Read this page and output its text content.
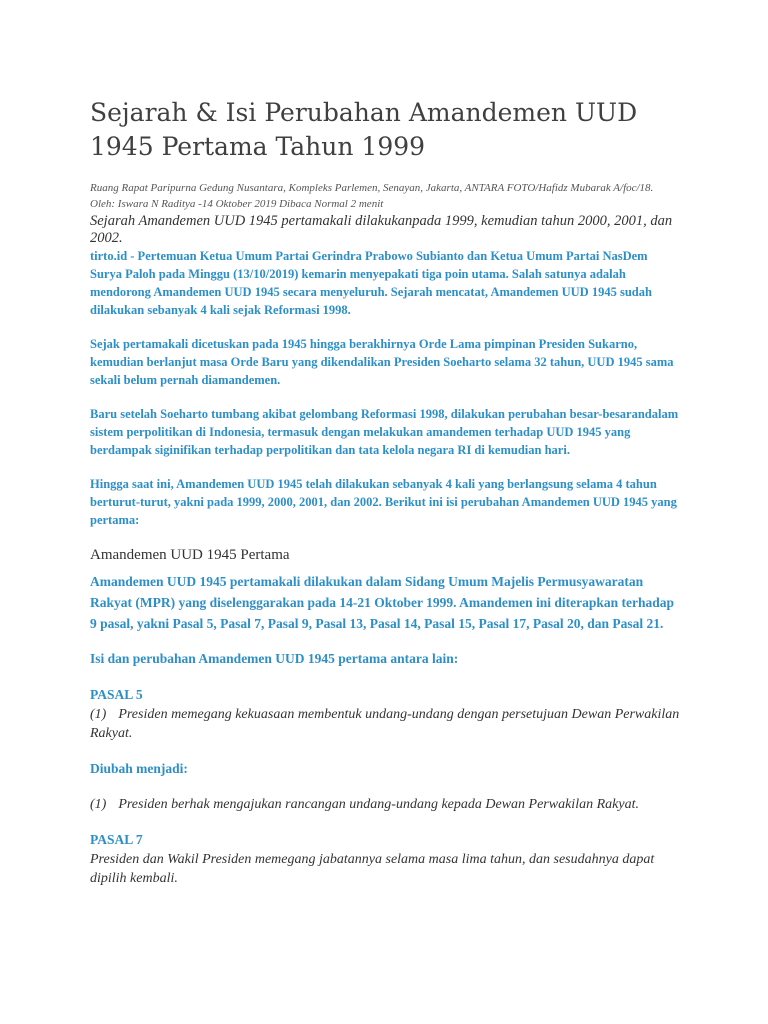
Sejarah & Isi Perubahan Amandemen UUD 1945 Pertama Tahun 1999

Ruang Rapat Paripurna Gedung Nusantara, Kompleks Parlemen, Senayan, Jakarta, ANTARA FOTO/Hafidz Mubarak A/foc/18.

Oleh: Iswara N Raditya -14 Oktober 2019 Dibaca Normal 2 menit

Sejarah Amandemen UUD 1945 pertamakali dilakukanpada 1999, kemudian tahun 2000, 2001, dan 2002.

tirto.id - Pertemuan Ketua Umum Partai Gerindra Prabowo Subianto dan Ketua Umum Partai NasDem Surya Paloh pada Minggu (13/10/2019) kemarin menyepakati tiga poin utama. Salah satunya adalah mendorong Amandemen UUD 1945 secara menyeluruh. Sejarah mencatat, Amandemen UUD 1945 sudah dilakukan sebanyak 4 kali sejak Reformasi 1998.

Sejak pertamakali dicetuskan pada 1945 hingga berakhirnya Orde Lama pimpinan Presiden Sukarno, kemudian berlanjut masa Orde Baru yang dikendalikan Presiden Soeharto selama 32 tahun, UUD 1945 sama sekali belum pernah diamandemen.

Baru setelah Soeharto tumbang akibat gelombang Reformasi 1998, dilakukan perubahan besar-besarandalam sistem perpolitikan di Indonesia, termasuk dengan melakukan amandemen terhadap UUD 1945 yang berdampak siginifikan terhadap perpolitikan dan tata kelola negara RI di kemudian hari.

Hingga saat ini, Amandemen UUD 1945 telah dilakukan sebanyak 4 kali yang berlangsung selama 4 tahun berturut-turut, yakni pada 1999, 2000, 2001, dan 2002. Berikut ini isi perubahan Amandemen UUD 1945 yang pertama:

Amandemen UUD 1945 Pertama

Amandemen UUD 1945 pertamakali dilakukan dalam Sidang Umum Majelis Permusyawaratan Rakyat (MPR) yang diselenggarakan pada 14-21 Oktober 1999. Amandemen ini diterapkan terhadap 9 pasal, yakni Pasal 5, Pasal 7, Pasal 9, Pasal 13, Pasal 14, Pasal 15, Pasal 17, Pasal 20, dan Pasal 21.

Isi dan perubahan Amandemen UUD 1945 pertama antara lain:

PASAL 5

(1) Presiden memegang kekuasaan membentuk undang-undang dengan persetujuan Dewan Perwakilan Rakyat.

Diubah menjadi:

(1) Presiden berhak mengajukan rancangan undang-undang kepada Dewan Perwakilan Rakyat.

PASAL 7

Presiden dan Wakil Presiden memegang jabatannya selama masa lima tahun, dan sesudahnya dapat dipilih kembali.
